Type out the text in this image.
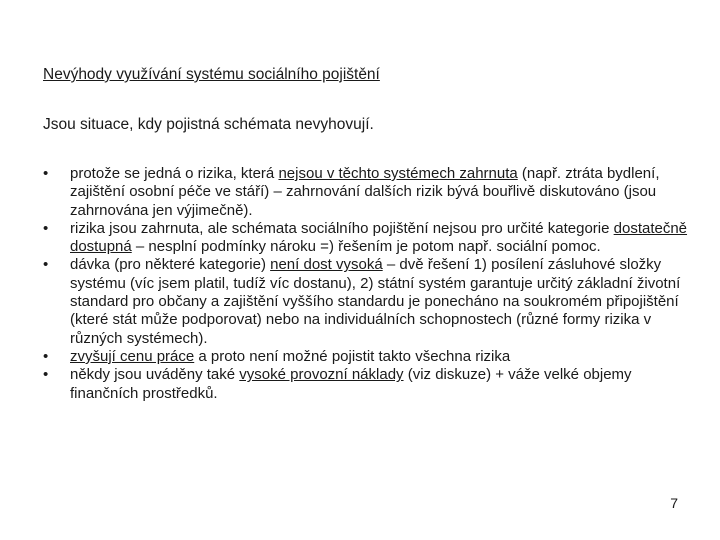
Nevýhody využívání systému sociálního pojištění

Jsou situace, kdy pojistná schémata nevyhovují.

• protože se jedná o rizika, která nejsou v těchto systémech zahrnuta (např. ztráta bydlení, zajištění osobní péče ve stáří) – zahrnování dalších rizik bývá bouřlivě diskutováno (jsou zahrnována jen výjimečně).
• rizika jsou zahrnuta, ale schémata sociálního pojištění nejsou pro určité kategorie dostatečně dostupná – nesplní podmínky nároku =) řešením je potom např. sociální pomoc.
• dávka (pro některé kategorie) není dost vysoká – dvě řešení 1) posílení zásluhové složky systému (víc jsem platil, tudíž víc dostanu), 2) státní systém garantuje určitý základní životní standard pro občany a zajištění vyššího standardu je ponecháno na soukromém připojištění (které stát může podporovat) nebo na individuálních schopnostech (různé formy rizika v různých systémech).
• zvyšují cenu práce a proto není možné pojistit takto všechna rizika
• někdy jsou uváděny také vysoké provozní náklady (viz diskuze) + váže velké objemy finančních prostředků.
7
